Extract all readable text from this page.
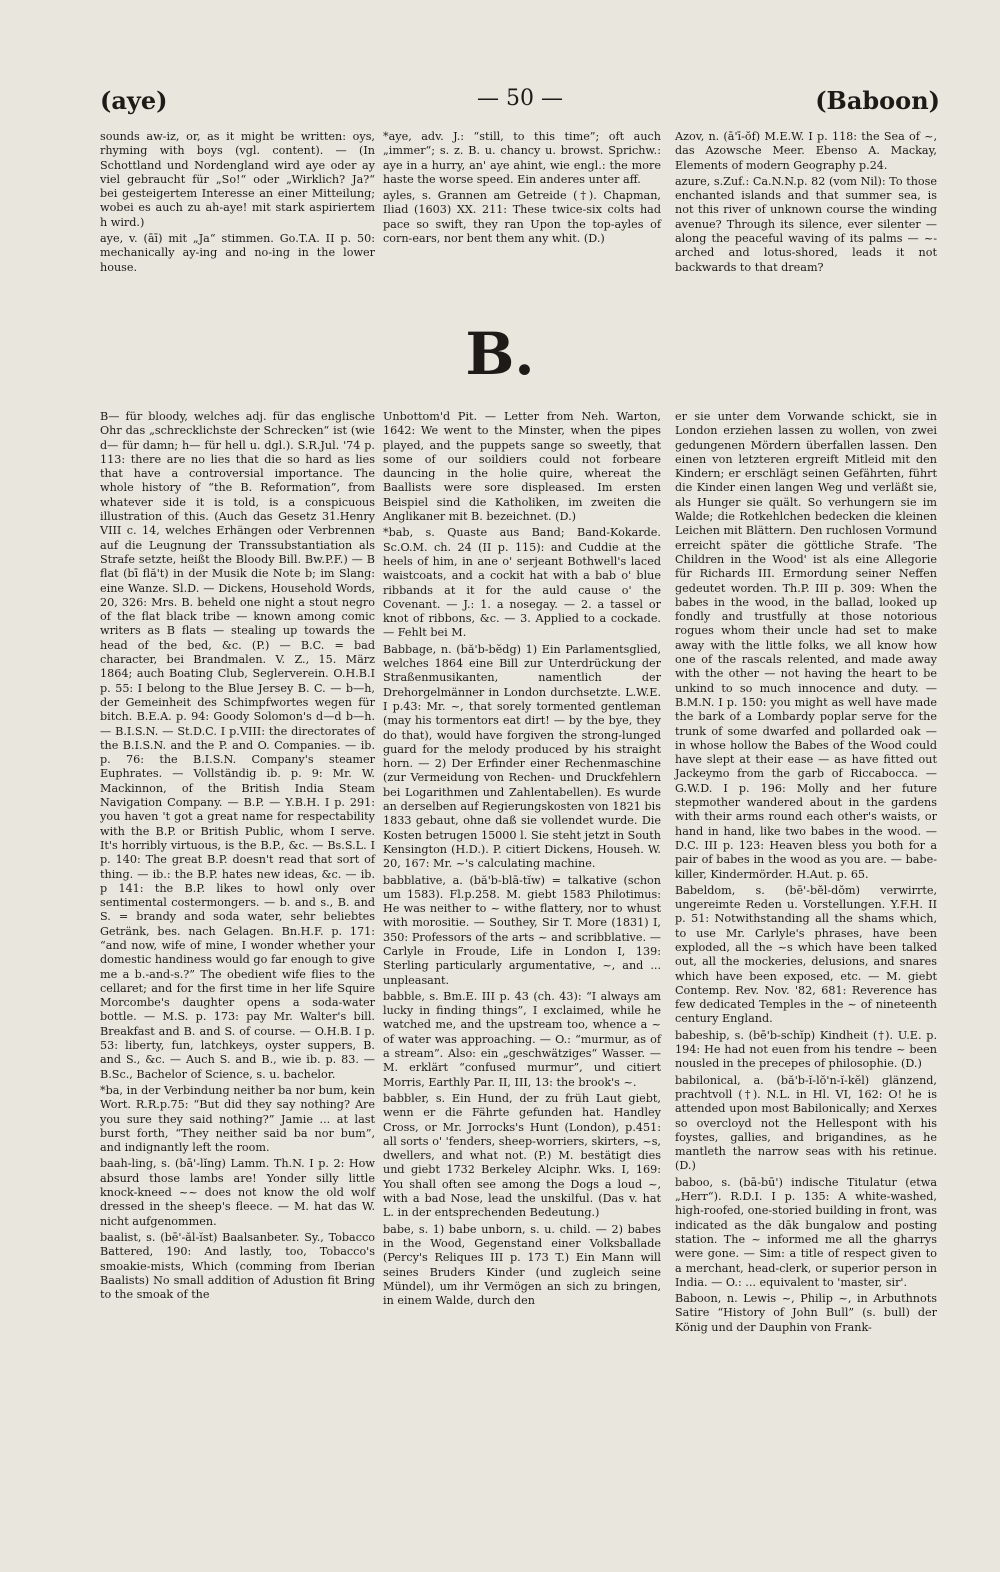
(aye)	— 50 —	(Baboon)

sounds aw-iz, or, as it might be written: oys, rhyming with boys (vgl. content). — (In Schottland und Nordengland wird aye oder ay viel gebraucht für „So!“ oder „Wirklich? Ja?“ bei gesteigertem Interesse an einer Mitteilung; wobei es auch zu ah-aye! mit stark aspiriertem h wird.)

aye, v. (āī) mit „Ja“ stimmen. Go.T.A. II p. 50: mechanically ay-ing and no-ing in the lower house.

*aye, adv. J.: “still, to this time”; oft auch „immer“; s. z. B. u. chancy u. browst. Sprichw.: aye in a hurry, an' aye ahint, wie engl.: the more haste the worse speed. Ein anderes unter aff.

ayles, s. Grannen am Getreide (†). Chapman, Iliad (1603) XX. 211: These twice-six colts had pace so swift, they ran Upon the top-ayles of corn-ears, nor bent them any whit. (D.)

Azov, n. (ā'ī-ŏf) M.E.W. I p. 118: the Sea of ~, das Azowsche Meer. Ebenso A. Mackay, Elements of modern Geography p.24.

azure, s.Zuf.: Ca.N.N.p. 82 (vom Nil): To those enchanted islands and that summer sea, is not this river of unknown course the winding avenue? Through its silence, ever silenter — along the peaceful waving of its palms — ~-arched and lotus-shored, leads it not backwards to that dream?

B.

B— für bloody, welches adj. für das englische Ohr das „schrecklichste der Schrecken“ ist (wie d— für damn; h— für hell u. dgl.). S.R.Jul. '74 p. 113: there are no lies that die so hard as lies that have a controversial importance. The whole history of “the B. Reformation”, from whatever side it is told, is a conspicuous illustration of this. (Auch das Gesetz 31.Henry VIII c. 14, welches Erhängen oder Verbrennen auf die Leugnung der Transsubstantiation als Strafe setzte, heißt the Bloody Bill. Bw.P.F.) — B flat (bī flă't) in der Musik die Note b; im Slang: eine Wanze. Sl.D. — Dickens, Household Words, 20, 326: Mrs. B. beheld one night a stout negro of the flat black tribe — known among comic writers as B flats — stealing up towards the head of the bed, &c. (P.) — B.C. = bad character, bei Brandmalen. V. Z., 15. März 1864; auch Boating Club, Seglerverein. O.H.B.I p. 55: I belong to the Blue Jersey B. C. — b—h, der Gemeinheit des Schimpfwortes wegen für bitch. B.E.A. p. 94: Goody Solomon's d—d b—h. — B.I.S.N. — St.D.C. I p.VIII: the directorates of the B.I.S.N. and the P. and O. Companies. — ib. p. 76: the B.I.S.N. Company's steamer Euphrates. — Vollständig ib. p. 9: Mr. W. Mackinnon, of the British India Steam Navigation Company. — B.P. — Y.B.H. I p. 291: you haven 't got a great name for respectability with the B.P. or British Public, whom I serve. It's horribly virtuous, is the B.P., &c. — Bs.S.L. I p. 140: The great B.P. doesn't read that sort of thing. — ib.: the B.P. hates new ideas, &c. — ib. p 141: the B.P. likes to howl only over sentimental costermongers. — b. and s., B. and S. = brandy and soda water, sehr beliebtes Getränk, bes. nach Gelagen. Bn.H.F. p. 171: “and now, wife of mine, I wonder whether your domestic handiness would go far enough to give me a b.-and-s.?” The obedient wife flies to the cellaret; and for the first time in her life Squire Morcombe's daughter opens a soda-water bottle. — M.S. p. 173: pay Mr. Walter's bill. Breakfast and B. and S. of course. — O.H.B. I p. 53: liberty, fun, latchkeys, oyster suppers, B. and S., &c. — Auch S. and B., wie ib. p. 83. — B.Sc., Bachelor of Science, s. u. bachelor.

*ba, in der Verbindung neither ba nor bum, kein Wort. R.R.p.75: “But did they say nothing? Are you sure they said nothing?” Jamie ... at last burst forth, “They neither said ba nor bum”, and indignantly left the room.

baah-ling, s. (bā'-lĭng) Lamm. Th.N. I p. 2: How absurd those lambs are! Yonder silly little knock-kneed ~~ does not know the old wolf dressed in the sheep's fleece. — M. hat das W. nicht aufgenommen.

baalist, s. (bē'-ăl-ĭst) Baalsanbeter. Sy., Tobacco Battered, 190: And lastly, too, Tobacco's smoakie-mists, Which (comming from Iberian Baalists) No small addition of Adustion fit Bring to the smoak of the

Unbottom'd Pit. — Letter from Neh. Warton, 1642: We went to the Minster, when the pipes played, and the puppets sange so sweetly, that some of our soildiers could not forbeare dauncing in the holie quire, whereat the Baallists were sore displeased. Im ersten Beispiel sind die Katholiken, im zweiten die Anglikaner mit B. bezeichnet. (D.)

*bab, s. Quaste aus Band; Band-Kokarde. Sc.O.M. ch. 24 (II p. 115): and Cuddie at the heels of him, in ane o' serjeant Bothwell's laced waistcoats, and a cockit hat with a bab o' blue ribbands at it for the auld cause o' the Covenant. — J.: 1. a nosegay. — 2. a tassel or knot of ribbons, &c. — 3. Applied to a cockade. — Fehlt bei M.

Babbage, n. (bă'b-bĕdg) 1) Ein Parlamentsglied, welches 1864 eine Bill zur Unterdrückung der Straßenmusikanten, namentlich der Drehorgelmänner in London durchsetzte. L.W.E. I p.43: Mr. ~, that sorely tormented gentleman (may his tormentors eat dirt! — by the bye, they do that), would have forgiven the strong-lunged guard for the melody produced by his straight horn. — 2) Der Erfinder einer Rechenmaschine (zur Vermeidung von Rechen- und Druckfehlern bei Logarithmen und Zahlentabellen). Es wurde an derselben auf Regierungskosten von 1821 bis 1833 gebaut, ohne daß sie vollendet wurde. Die Kosten betrugen 15000 l. Sie steht jetzt in South Kensington (H.D.). P. citiert Dickens, Househ. W. 20, 167: Mr. ~'s calculating machine.

babblative, a. (bă'b-blā-tĭw) = talkative (schon um 1583). Fl.p.258. M. giebt 1583 Philotimus: He was neither to ~ withe flattery, nor to whust with morositie. — Southey, Sir T. More (1831) I, 350: Professors of the arts ~ and scribblative. — Carlyle in Froude, Life in London I, 139: Sterling particularly argumentative, ~, and ... unpleasant.

babble, s. Bm.E. III p. 43 (ch. 43): “I always am lucky in finding things”, I exclaimed, while he watched me, and the upstream too, whence a ~ of water was approaching. — O.: “murmur, as of a stream”. Also: ein „geschwätziges“ Wasser. — M. erklärt “confused murmur”, und citiert Morris, Earthly Par. II, III, 13: the brook's ~.

babbler, s. Ein Hund, der zu früh Laut giebt, wenn er die Fährte gefunden hat. Handley Cross, or Mr. Jorrocks's Hunt (London), p.451: all sorts o' 'fenders, sheep-worriers, skirters, ~s, dwellers, and what not. (P.) M. bestätigt dies und giebt 1732 Berkeley Alciphr. Wks. I, 169: You shall often see among the Dogs a loud ~, with a bad Nose, lead the unskilful. (Das v. hat L. in der entsprechenden Bedeutung.)

babe, s. 1) babe unborn, s. u. child. — 2) babes in the Wood, Gegenstand einer Volksballade (Percy's Reliques III p. 173 T.) Ein Mann will seines Bruders Kinder (und zugleich seine Mündel), um ihr Vermögen an sich zu bringen, in einem Walde, durch den

er sie unter dem Vorwande schickt, sie in London erziehen lassen zu wollen, von zwei gedungenen Mördern überfallen lassen. Den einen von letzteren ergreift Mitleid mit den Kindern; er erschlägt seinen Gefährten, führt die Kinder einen langen Weg und verläßt sie, als Hunger sie quält. So verhungern sie im Walde; die Rotkehlchen bedecken die kleinen Leichen mit Blättern. Den ruchlosen Vormund erreicht später die göttliche Strafe. 'The Children in the Wood' ist als eine Allegorie für Richards III. Ermordung seiner Neffen gedeutet worden. Th.P. III p. 309: When the babes in the wood, in the ballad, looked up fondly and trustfully at those notorious rogues whom their uncle had set to make away with the little folks, we all know how one of the rascals relented, and made away with the other — not having the heart to be unkind to so much innocence and duty. — B.M.N. I p. 150: you might as well have made the bark of a Lombardy poplar serve for the trunk of some dwarfed and pollarded oak — in whose hollow the Babes of the Wood could have slept at their ease — as have fitted out Jackeymo from the garb of Riccabocca. — G.W.D. I p. 196: Molly and her future stepmother wandered about in the gardens with their arms round each other's waists, or hand in hand, like two babes in the wood. — D.C. III p. 123: Heaven bless you both for a pair of babes in the wood as you are. — babe-killer, Kindermörder. H.Aut. p. 65.

Babeldom, s. (bē'-bĕl-dŏm) verwirrte, ungereimte Reden u. Vorstellungen. Y.F.H. II p. 51: Notwithstanding all the shams which, to use Mr. Carlyle's phrases, have been exploded, all the ~s which have been talked out, all the mockeries, delusions, and snares which have been exposed, etc. — M. giebt Contemp. Rev. Nov. '82, 681: Reverence has few dedicated Temples in the ~ of nineteenth century England.

babeship, s. (bē'b-schĭp) Kindheit (†). U.E. p. 194: He had not euen from his tendre ~ been nousled in the precepes of philosophie. (D.)

babilonical, a. (bă'b-ĭ-lŏ'n-ĭ-kĕl) glänzend, prachtvoll (†). N.L. in Hl. VI, 162: O! he is attended upon most Babilonically; and Xerxes so overcloyd not the Hellespont with his foystes, gallies, and brigandines, as he mantleth the narrow seas with his retinue. (D.)

baboo, s. (bā-bū') indische Titulatur (etwa „Herr“). R.D.I. I p. 135: A white-washed, high-roofed, one-storied building in front, was indicated as the dāk bungalow and posting station. The ~ informed me all the gharrys were gone. — Sim: a title of respect given to a merchant, head-clerk, or superior person in India. — O.: ... equivalent to 'master, sir'.

Baboon, n. Lewis ~, Philip ~, in Arbuthnots Satire “History of John Bull” (s. bull) der König und der Dauphin von Frank-
